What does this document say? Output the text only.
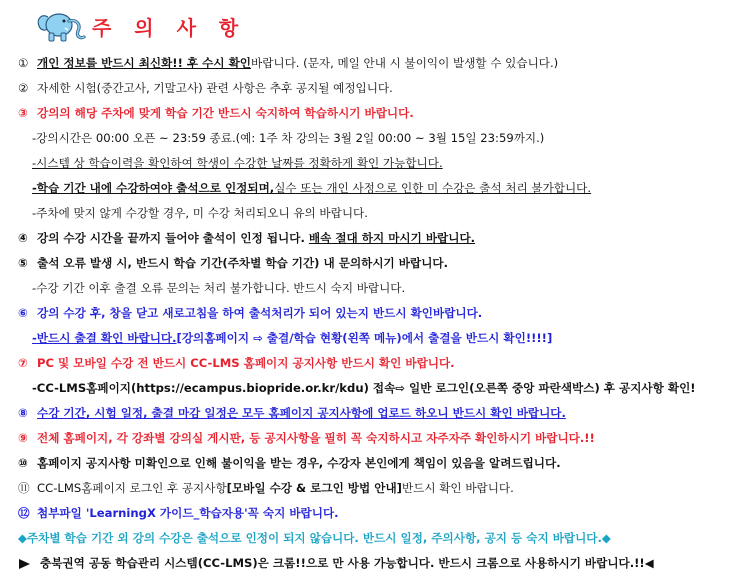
주 의 사 항
① 개인 정보를 반드시 최신화!! 후 수시 확인 바랍니다. (문자, 메일 안내 시 불이익이 발생할 수 있습니다.)
② 자세한 시험(중간고사, 기말고사) 관련 사항은 추후 공지될 예정입니다.
③ 강의의 해당 주차에 맞게 학습 기간 반드시 숙지하여 학습하시기 바랍니다.
-강의시간은 00:00 오픈 ~ 23:59 종료.(예: 1주 차 강의는 3월 2일 00:00 ~ 3월 15일 23:59까지.)
-시스템 상 학습이력을 확인하여 학생이 수강한 날짜를 정확하게 확인 가능합니다.
-학습 기간 내에 수강하여야 출석으로 인정되며, 실수 또는 개인 사정으로 인한 미 수강은 출석 처리 불가합니다.
-주차에 맞지 않게 수강할 경우, 미 수강 처리되오니 유의 바랍니다.
④ 강의 수강 시간을 끝까지 들어야 출석이 인정 됩니다.
배속 절대 하지 마시기 바랍니다.
⑤ 출석 오류 발생 시, 반드시 학습 기간(주차별 학습 기간) 내 문의하시기 바랍니다.
-수강 기간 이후 출결 오류 문의는 처리 불가합니다. 반드시 숙지 바랍니다.
⑥ 강의 수강 후, 창을 닫고 새로고침을 하여 출석처리가 되어 있는지 반드시 확인바랍니다.
-반드시 출결 확인 바랍니다. [강의홈페이지 ⇨ 출결/학습 현황(왼쪽 메뉴)에서 출결을 반드시 확인!!!!]
⑦ PC 및 모바일 수강 전 반드시 CC-LMS 홈페이지 공지사항 반드시 확인 바랍니다.
-CC-LMS홈페이지(https://ecampus.biopride.or.kr/kdu) 접속⇨ 일반 로그인(오른쪽 중앙 파란색박스) 후 공지사항 확인!
⑧ 수강 기간, 시험 일정, 출결 마감 일정은 모두 홈페이지 공지사항에 업로드 하오니 반드시 확인 바랍니다.
⑨ 전체 홈페이지, 각 강좌별 강의실 게시판, 등 공지사항을 필히 꼭 숙지하시고 자주자주 확인하시기 바랍니다.!!
⑩ 홈페이지 공지사항 미확인으로 인해 불이익을 받는 경우, 수강자 본인에게 책임이 있음을 알려드립니다.
⑪ CC-LMS홈페이지 로그인 후 공지사항 [모바일 수강 & 로그인 방법 안내] 반드시 확인 바랍니다.
⑫ 첨부파일 'LearningX 가이드_학습자용'꼭 숙지 바랍니다.
◆주차별 학습 기간 외 강의 수강은 출석으로 인정이 되지 않습니다. 반드시 일정, 주의사항, 공지 등 숙지 바랍니다.◆
충북권역 공동 학습관리 시스템(CC-LMS)은 크롬!!으로 만 사용 가능합니다. 반드시 크롬으로 사용하시기 바랍니다.!!◀
